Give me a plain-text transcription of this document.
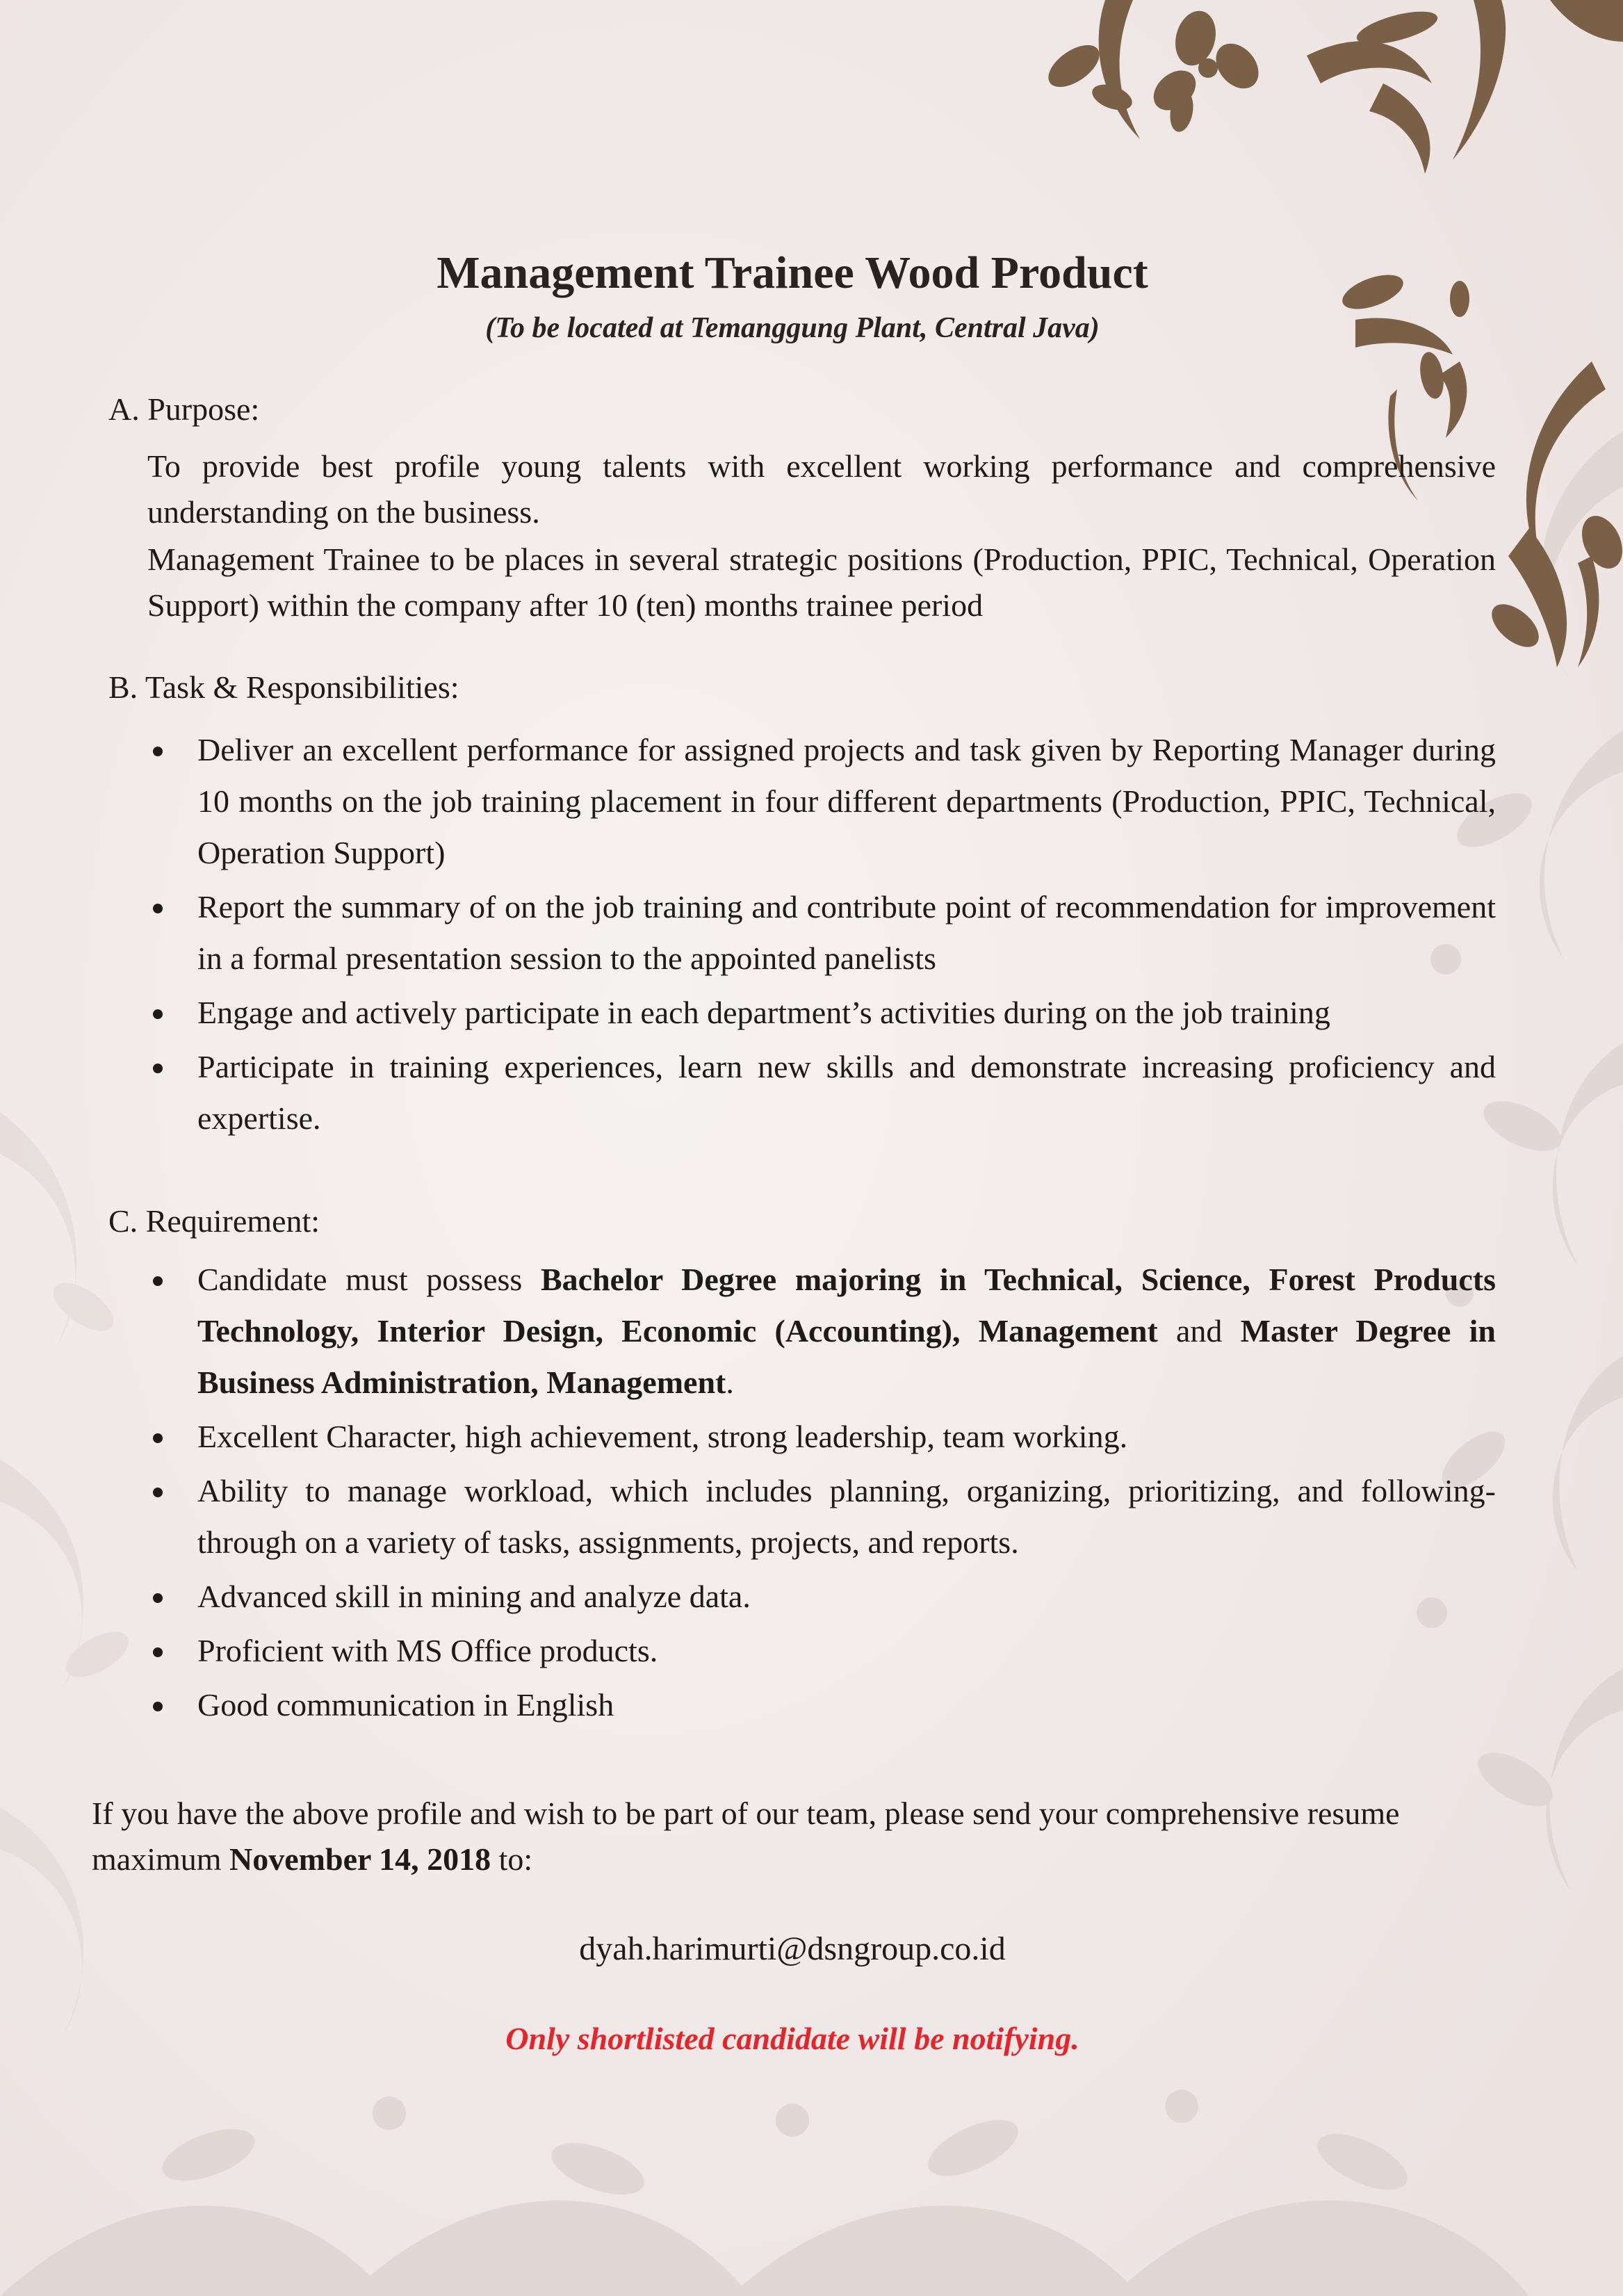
Management Trainee Wood Product
(To be located at Temanggung Plant, Central Java)
A. Purpose:
To provide best profile young talents with excellent working performance and comprehensive understanding on the business.
Management Trainee to be places in several strategic positions (Production, PPIC, Technical, Operation Support) within the company after 10 (ten) months trainee period
B. Task & Responsibilities:
Deliver an excellent performance for assigned projects and task given by Reporting Manager during 10 months on the job training placement in four different departments (Production, PPIC, Technical, Operation Support)
Report the summary of on the job training and contribute point of recommendation for improvement in a formal presentation session to the appointed panelists
Engage and actively participate in each department’s activities during on the job training
Participate in training experiences, learn new skills and demonstrate increasing proficiency and expertise.
C. Requirement:
Candidate must possess Bachelor Degree majoring in Technical, Science, Forest Products Technology, Interior Design, Economic (Accounting), Management and Master Degree in Business Administration, Management.
Excellent Character, high achievement, strong leadership, team working.
Ability to manage workload, which includes planning, organizing, prioritizing, and following-through on a variety of tasks, assignments, projects, and reports.
Advanced skill in mining and analyze data.
Proficient with MS Office products.
Good communication in English
If you have the above profile and wish to be part of our team, please send your comprehensive resume maximum November 14, 2018 to:
dyah.harimurti@dsngroup.co.id
Only shortlisted candidate will be notifying.
